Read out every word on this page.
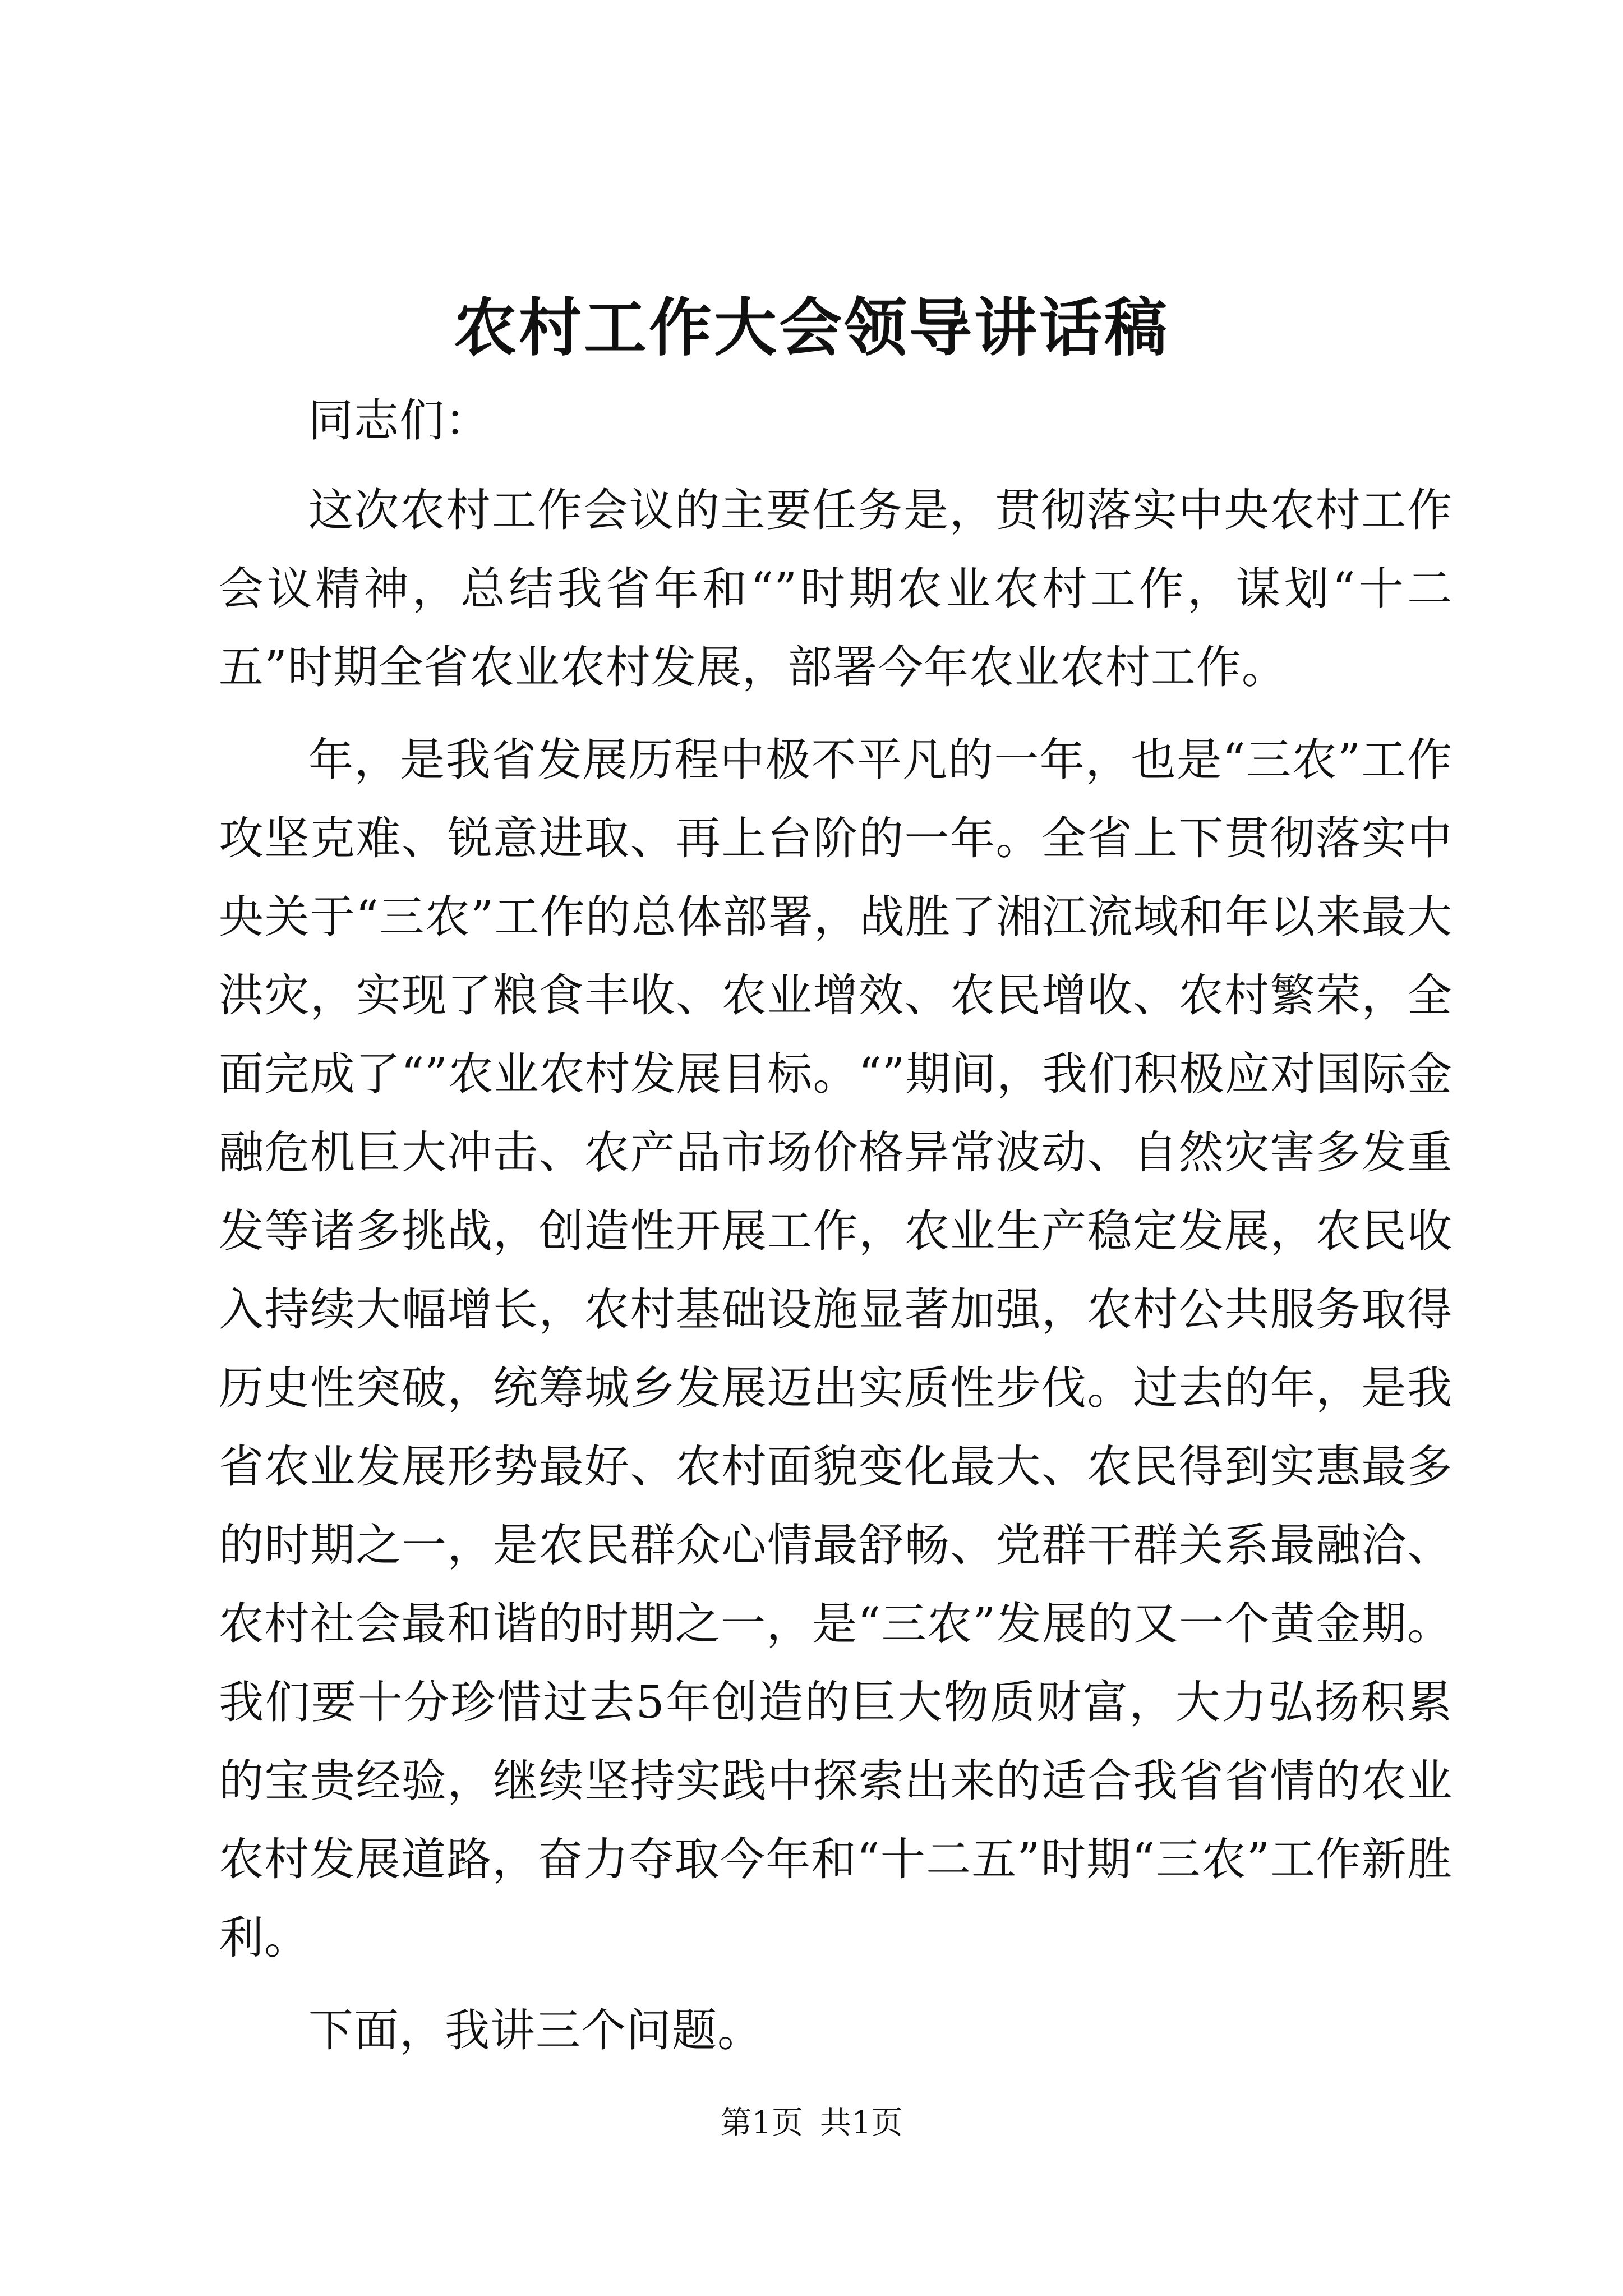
农村工作大会领导讲话稿

同志们：

这次农村工作会议的主要任务是，贯彻落实中央农村工作会议精神，总结我省年和“”时期农业农村工作，谋划“十二五”时期全省农业农村发展，部署今年农业农村工作。

年，是我省发展历程中极不平凡的一年，也是“三农”工作攻坚克难、锐意进取、再上台阶的一年。全省上下贯彻落实中央关于“三农”工作的总体部署，战胜了湘江流域和年以来最大洪灾，实现了粮食丰收、农业增效、农民增收、农村繁荣，全面完成了“”农业农村发展目标。“”期间，我们积极应对国际金融危机巨大冲击、农产品市场价格异常波动、自然灾害多发重发等诸多挑战，创造性开展工作，农业生产稳定发展，农民收入持续大幅增长，农村基础设施显著加强，农村公共服务取得历史性突破，统筹城乡发展迈出实质性步伐。过去的年，是我省农业发展形势最好、农村面貌变化最大、农民得到实惠最多的时期之一，是农民群众心情最舒畅、党群干群关系最融洽、农村社会最和谐的时期之一，是“三农”发展的又一个黄金期。我们要十分珍惜过去5年创造的巨大物质财富，大力弘扬积累的宝贵经验，继续坚持实践中探索出来的适合我省省情的农业农村发展道路，奋力夺取今年和“十二五”时期“三农”工作新胜利。

下面，我讲三个问题。

第1页 共1页
